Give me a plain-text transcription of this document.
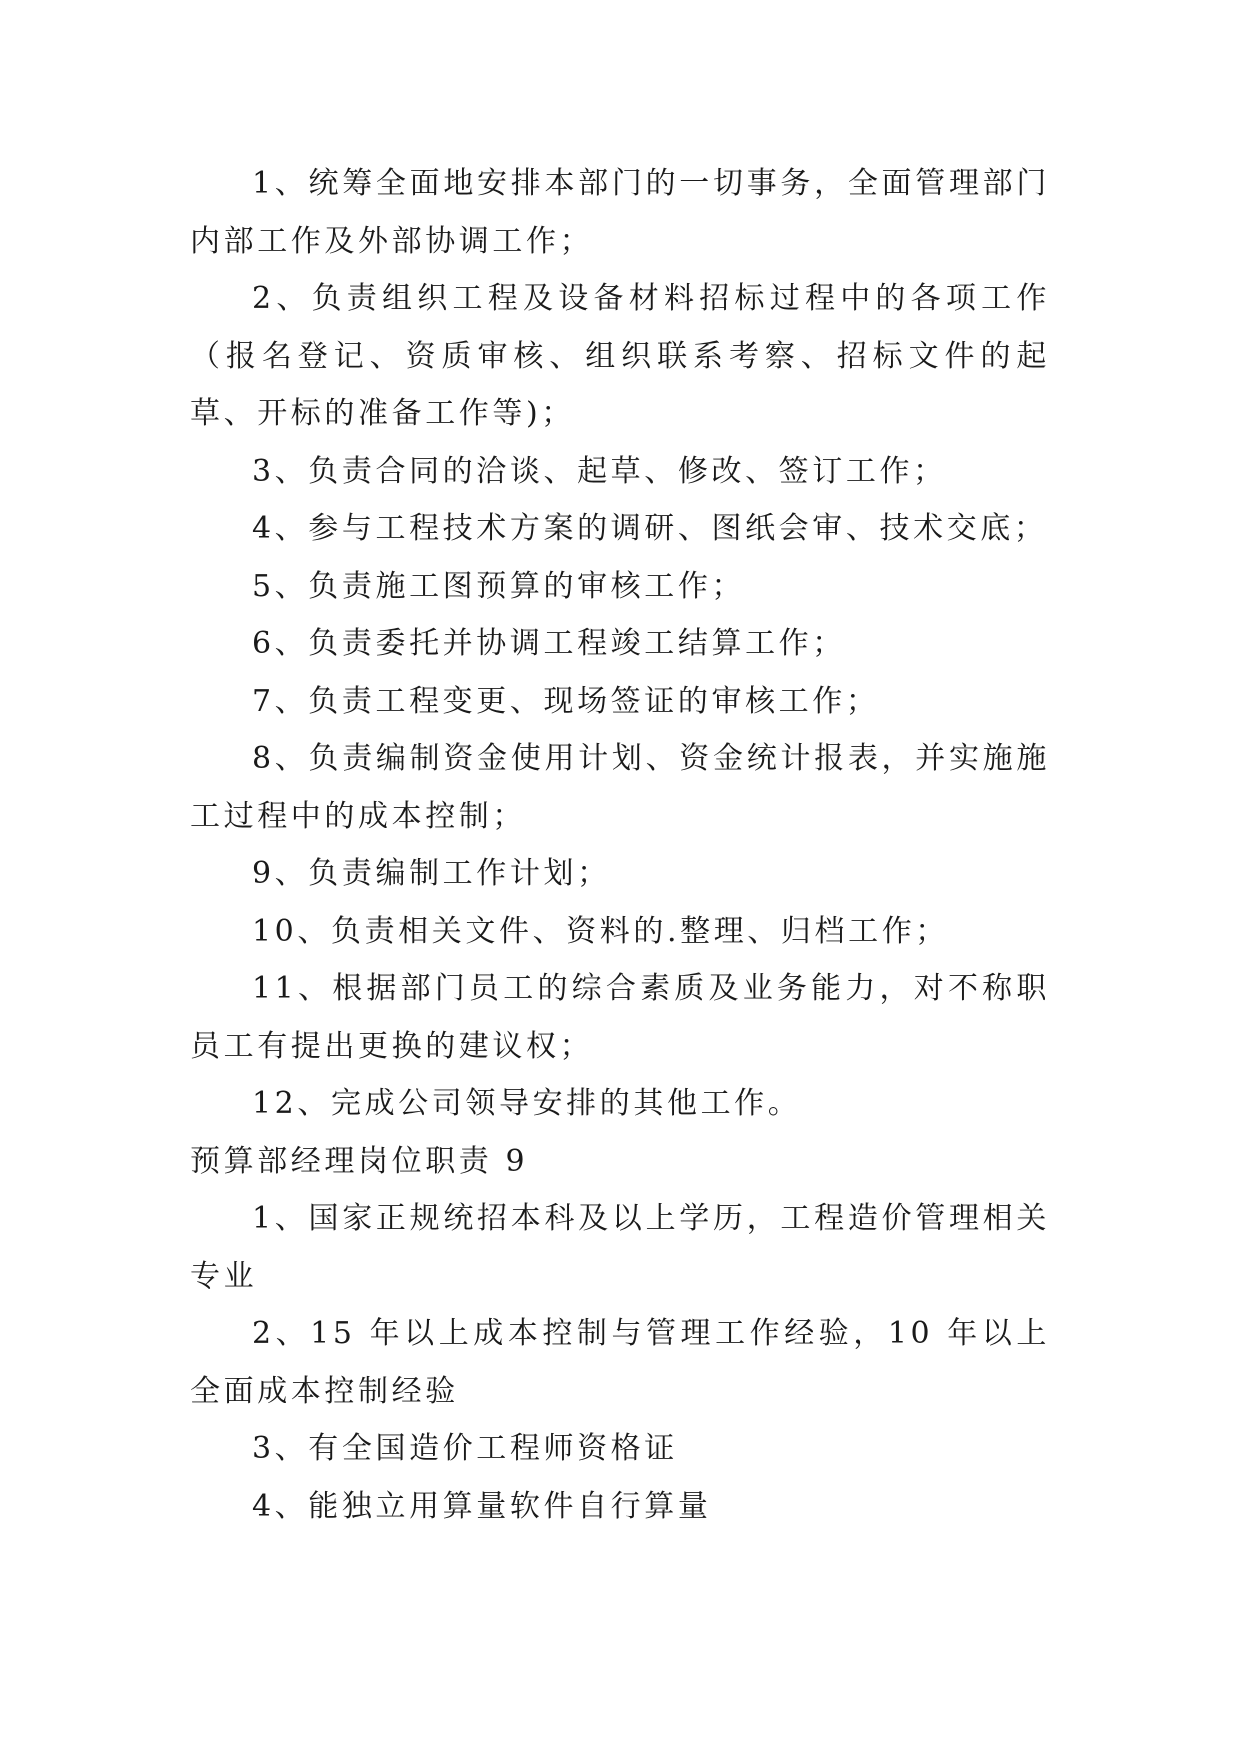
1、统筹全面地安排本部门的一切事务，全面管理部门内部工作及外部协调工作；

2、负责组织工程及设备材料招标过程中的各项工作（报名登记、资质审核、组织联系考察、招标文件的起草、开标的准备工作等)；

3、负责合同的洽谈、起草、修改、签订工作；

4、参与工程技术方案的调研、图纸会审、技术交底；

5、负责施工图预算的审核工作；

6、负责委托并协调工程竣工结算工作；

7、负责工程变更、现场签证的审核工作；

8、负责编制资金使用计划、资金统计报表，并实施施工过程中的成本控制；

9、负责编制工作计划；

10、负责相关文件、资料的.整理、归档工作；

11、根据部门员工的综合素质及业务能力，对不称职员工有提出更换的建议权；

12、完成公司领导安排的其他工作。

预算部经理岗位职责 9

1、国家正规统招本科及以上学历，工程造价管理相关专业

2、15 年以上成本控制与管理工作经验，10 年以上全面成本控制经验

3、有全国造价工程师资格证

4、能独立用算量软件自行算量
